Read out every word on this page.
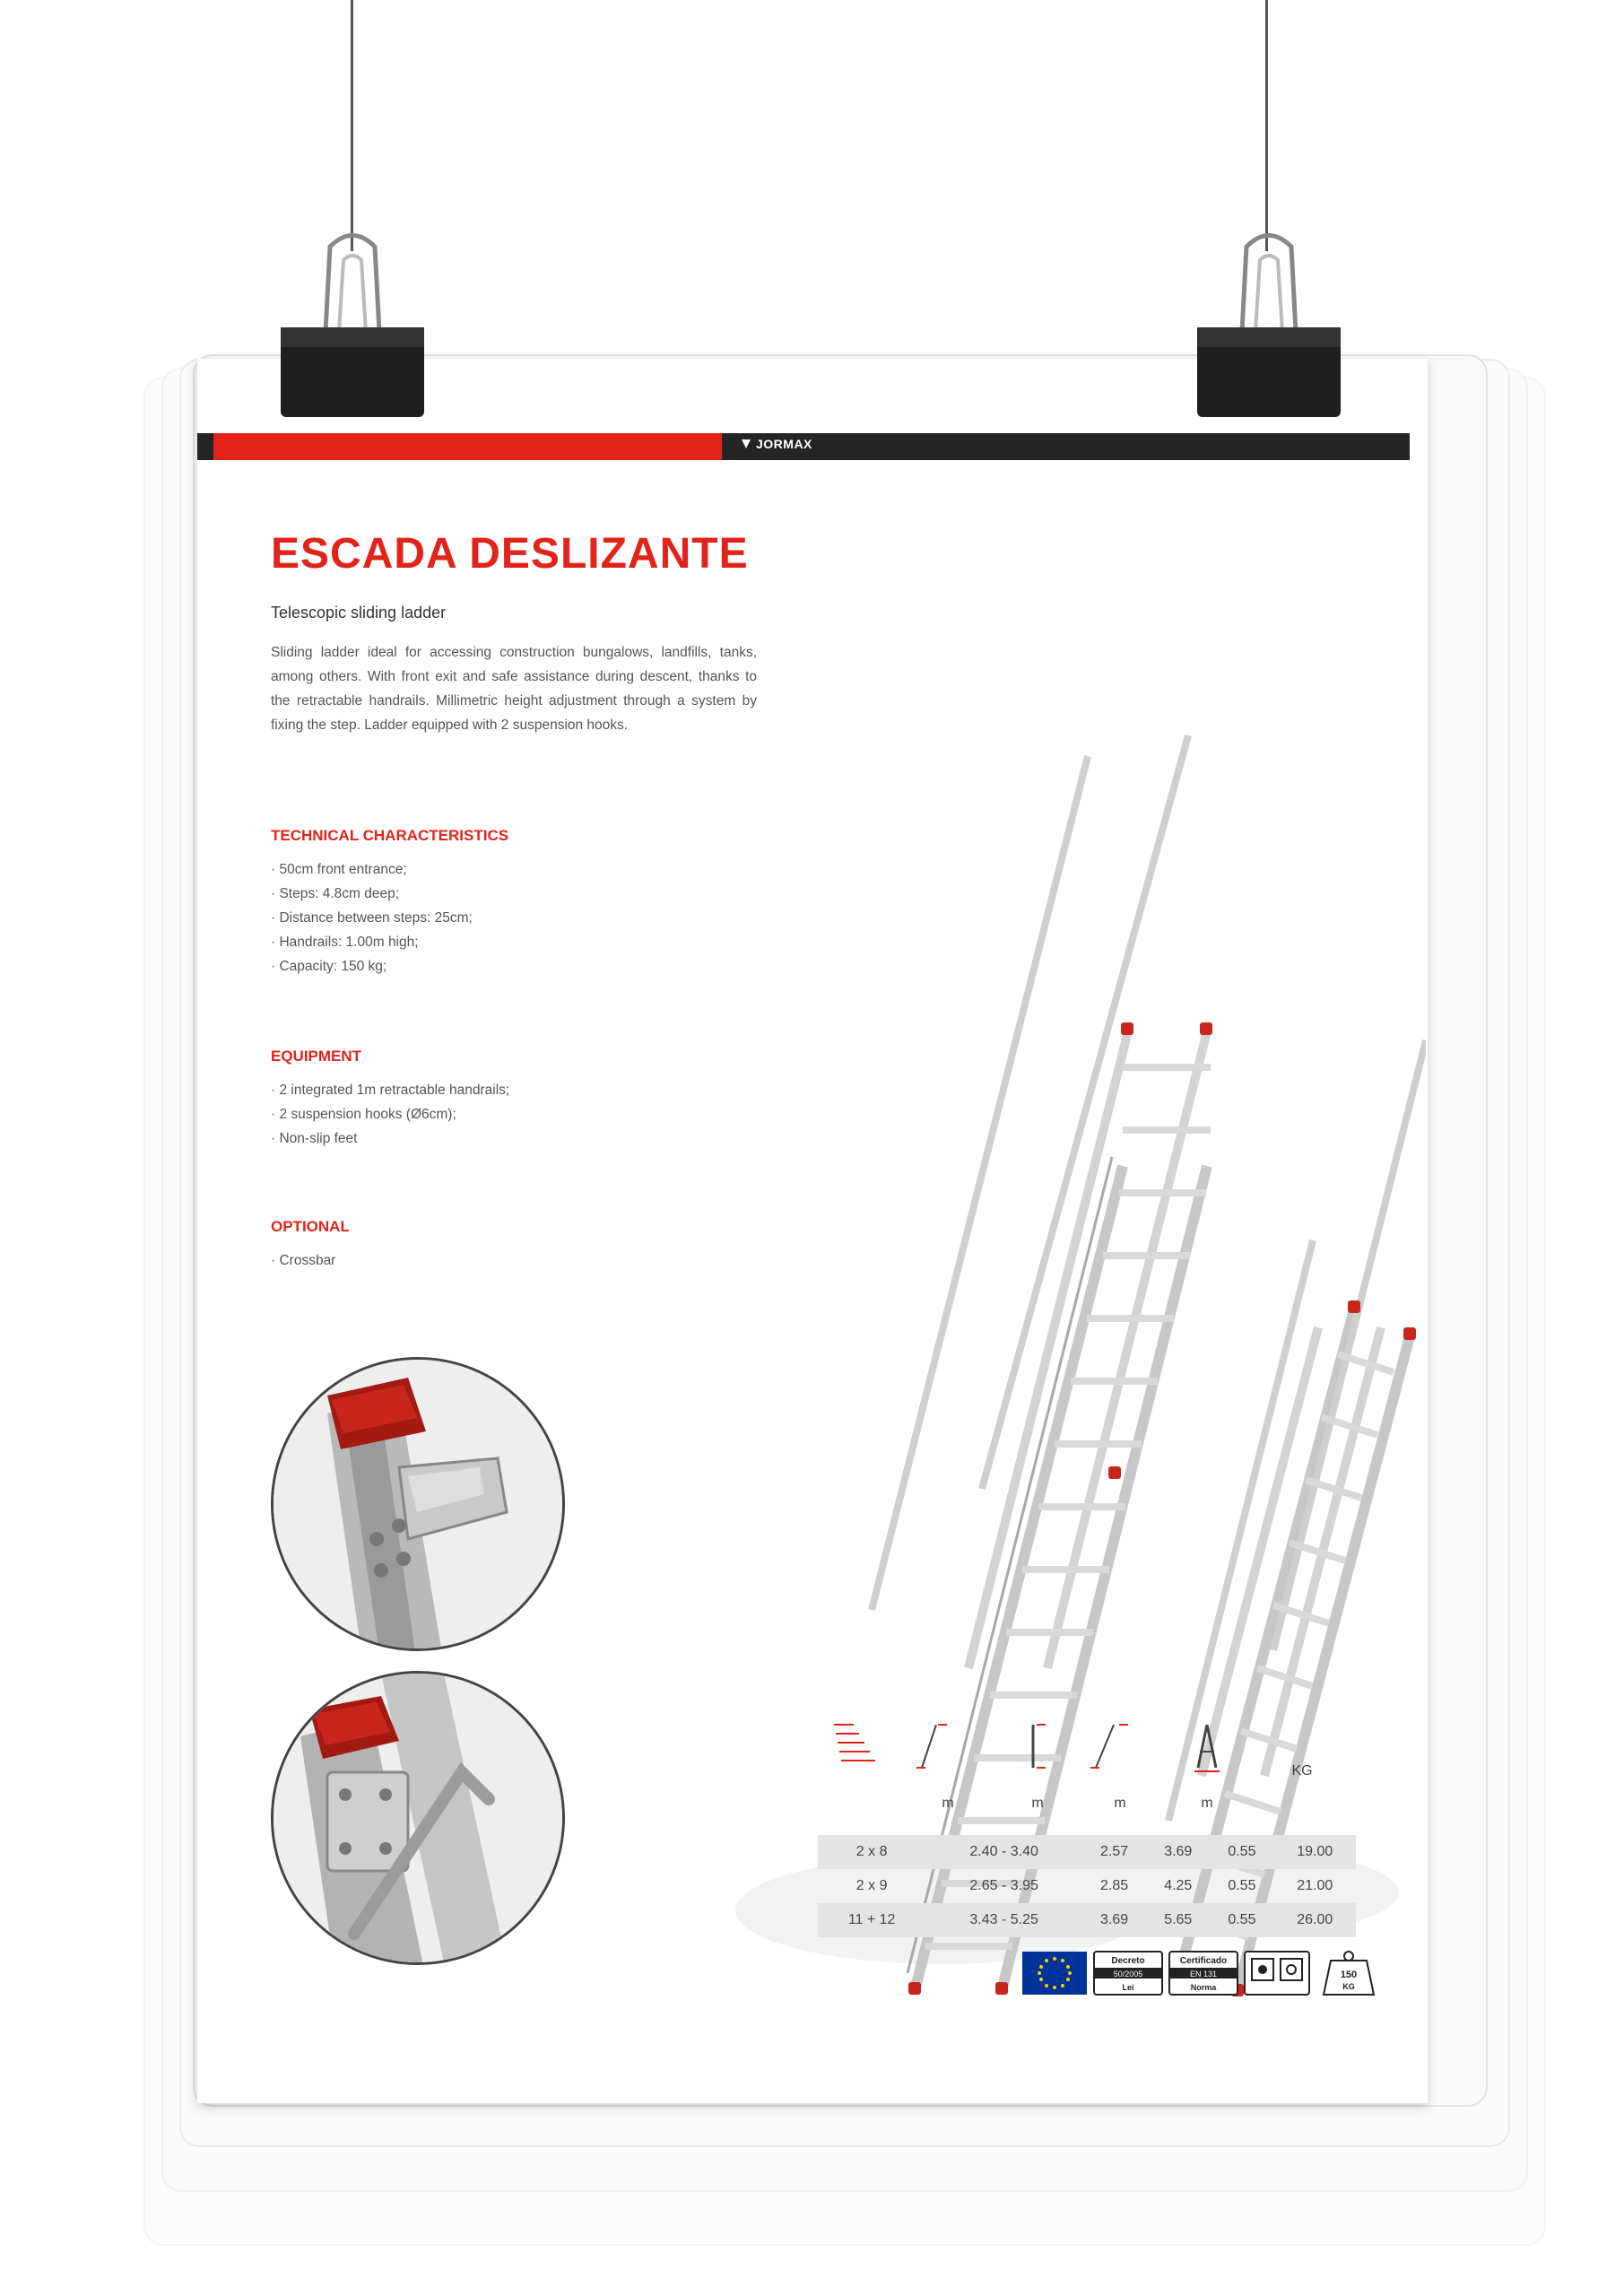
JORMAX
ESCADA DESLIZANTE

Telescopic sliding ladder

Sliding ladder ideal for accessing construction bungalows, landfills, tanks, among others. With front exit and safe assistance during descent, thanks to the retractable handrails. Millimetric height adjustment through a system by fixing the step. Ladder equipped with 2 suspension hooks.

TECHNICAL CHARACTERISTICS
· 50cm front entrance;
· Steps: 4.8cm deep;
· Distance between steps: 25cm;
· Handrails: 1.00m high;
· Capacity: 150 kg;
EQUIPMENT
· 2 integrated 1m retractable handrails;
· 2 suspension hooks (Ø6cm);
· Non-slip feet
OPTIONAL
· Crossbar
m	m	m	m
KG
2 x 8	2.40 - 3.40	2.57	3.69	0.55	19.00
2 x 9	2.65 - 3.95	2.85	4.25	0.55	21.00
11 + 12	3.43 - 5.25	3.69	5.65	0.55	26.00
Decreto
50/2005
Lei
Certificado
EN 131
Norma
150
KG
